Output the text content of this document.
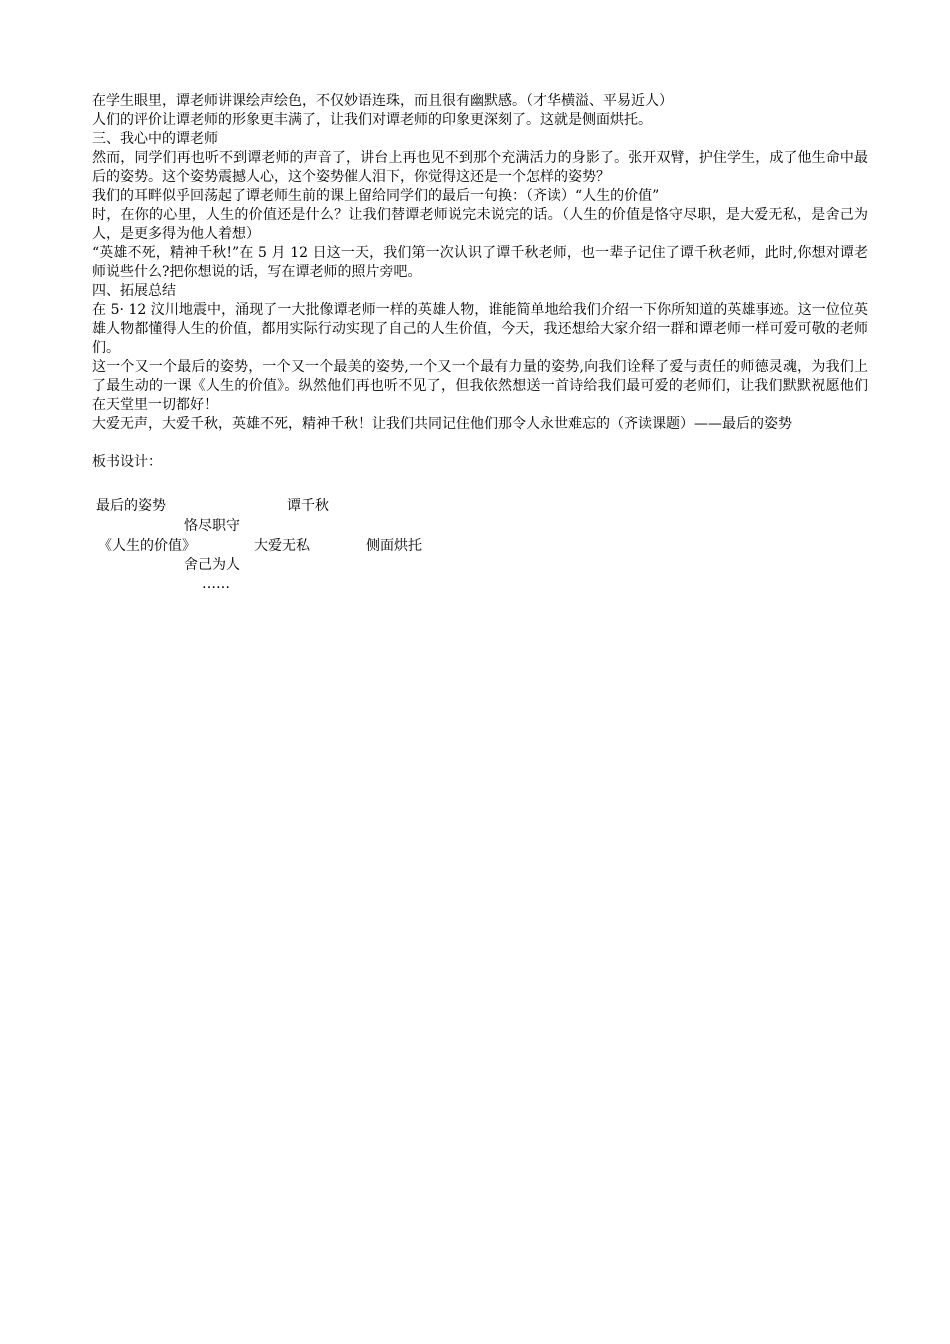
在学生眼里，谭老师讲课绘声绘色，不仅妙语连珠，而且很有幽默感。（才华横溢、平易近人）

人们的评价让谭老师的形象更丰满了，让我们对谭老师的印象更深刻了。这就是侧面烘托。

三、我心中的谭老师

然而，同学们再也听不到谭老师的声音了，讲台上再也见不到那个充满活力的身影了。张开双臂，护住学生，成了他生命中最后的姿势。这个姿势震撼人心，这个姿势催人泪下，你觉得这还是一个怎样的姿势？

我们的耳畔似乎回荡起了谭老师生前的课上留给同学们的最后一句换：（齐读）“人生的价值”

时，在你的心里，人生的价值还是什么？让我们替谭老师说完未说完的话。（人生的价值是恪守尽职，是大爱无私，是舍己为人，是更多得为他人着想）

“英雄不死，精神千秋!”在 5 月 12 日这一天，我们第一次认识了谭千秋老师，也一辈子记住了谭千秋老师，此时,你想对谭老师说些什么?把你想说的话，写在谭老师的照片旁吧。

四、拓展总结

在 5· 12 汶川地震中，涌现了一大批像谭老师一样的英雄人物，谁能简单地给我们介绍一下你所知道的英雄事迹。这一位位英雄人物都懂得人生的价值，都用实际行动实现了自己的人生价值，今天，我还想给大家介绍一群和谭老师一样可爱可敬的老师们。

这一个又一个最后的姿势，一个又一个最美的姿势,一个又一个最有力量的姿势,向我们诠释了爱与责任的师德灵魂，为我们上了最生动的一课《人生的价值》。纵然他们再也听不见了，但我依然想送一首诗给我们最可爱的老师们，让我们默默祝愿他们在天堂里一切都好！

大爱无声，大爱千秋，英雄不死，精神千秋！让我们共同记住他们那令人永世难忘的（齐读课题）——最后的姿势

板书设计：

最后的姿势	谭千秋
恪尽职守
《人生的价值》	大爱无私	侧面烘托
舍己为人
……
